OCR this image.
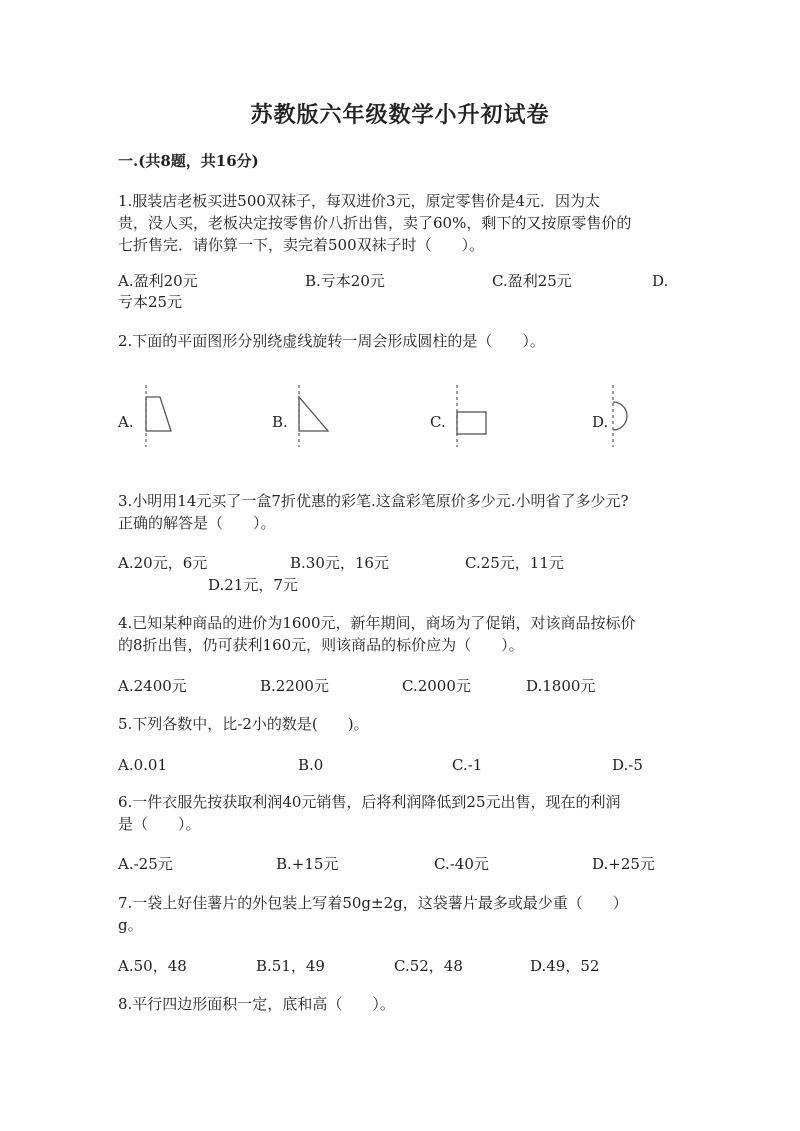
苏教版六年级数学小升初试卷
一.(共8题，共16分)
1.服装店老板买进500双袜子，每双进价3元，原定零售价是4元．因为太
贵，没人买，老板决定按零售价八折出售，卖了60%，剩下的又按原零售价的
七折售完．请你算一下，卖完着500双袜子时（　　）。
A.盈利20元	B.亏本20元	C.盈利25元	D.
亏本25元
2.下面的平面图形分别绕虚线旋转一周会形成圆柱的是（　　）。
A.	B.	C.	D.
3.小明用14元买了一盒7折优惠的彩笔.这盒彩笔原价多少元.小明省了多少元?
正确的解答是（　　）。
A.20元，6元	B.30元，16元	C.25元，11元
D.21元，7元
4.已知某种商品的进价为1600元，新年期间，商场为了促销，对该商品按标价
的8折出售，仍可获利160元，则该商品的标价应为（　　）。
A.2400元	B.2200元	C.2000元	D.1800元
5.下列各数中，比-2小的数是(　　)。
A.0.01	B.0	C.-1	D.-5
6.一件衣服先按获取利润40元销售，后将利润降低到25元出售，现在的利润
是（　　）。
A.-25元	B.+15元	C.-40元	D.+25元
7.一袋上好佳薯片的外包装上写着50g±2g，这袋薯片最多或最少重（　　）
g。
A.50，48	B.51，49	C.52，48	D.49，52
8.平行四边形面积一定，底和高（　　）。
